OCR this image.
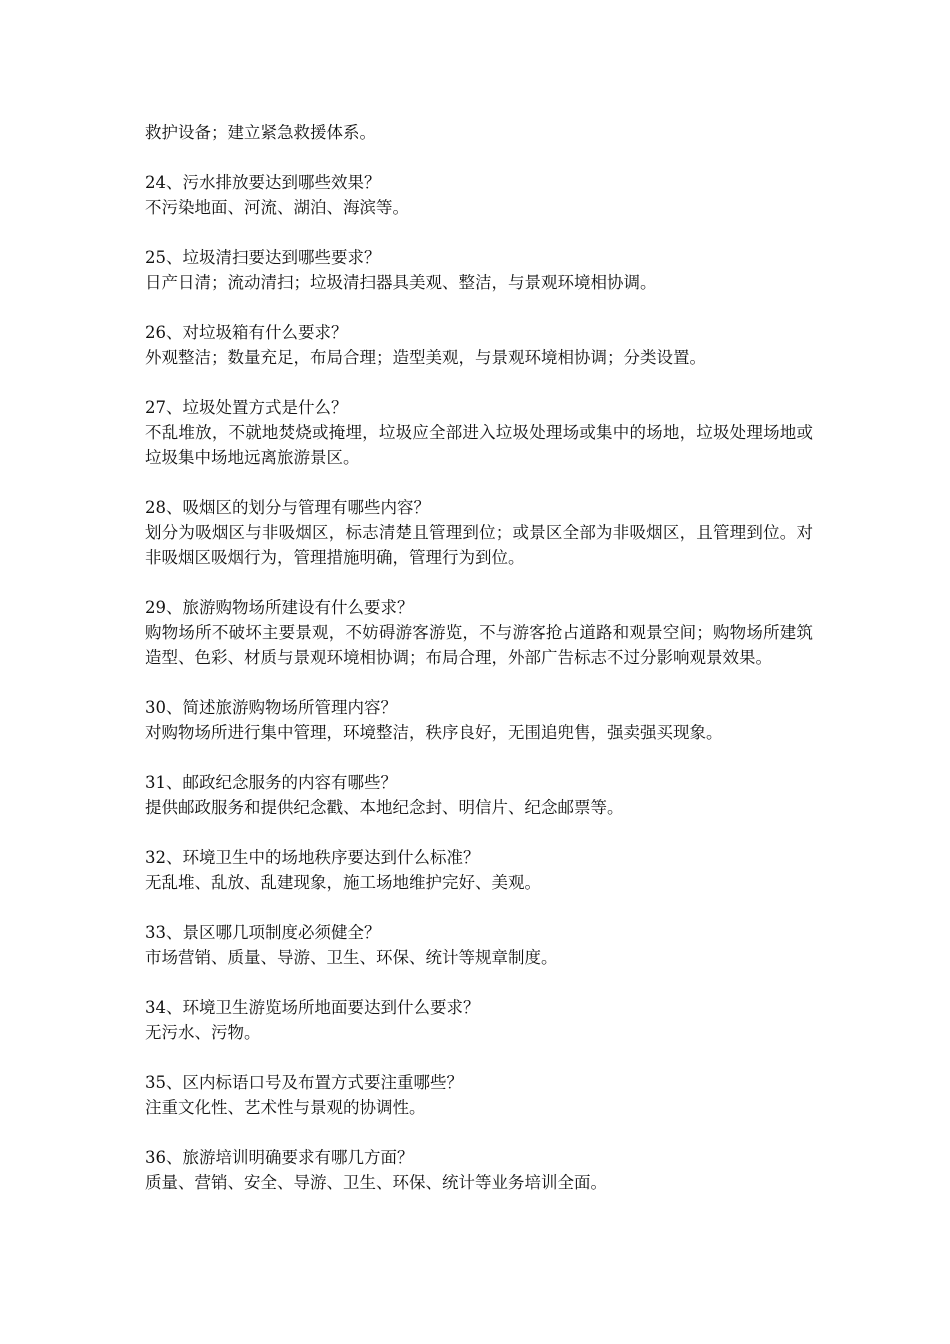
救护设备；建立紧急救援体系。

24、污水排放要达到哪些效果？

不污染地面、河流、湖泊、海滨等。

25、垃圾清扫要达到哪些要求？

日产日清；流动清扫；垃圾清扫器具美观、整洁，与景观环境相协调。

26、对垃圾箱有什么要求？

外观整洁；数量充足，布局合理；造型美观，与景观环境相协调；分类设置。

27、垃圾处置方式是什么？

不乱堆放，不就地焚烧或掩埋，垃圾应全部进入垃圾处理场或集中的场地，垃圾处理场地或垃圾集中场地远离旅游景区。

28、吸烟区的划分与管理有哪些内容？

划分为吸烟区与非吸烟区，标志清楚且管理到位；或景区全部为非吸烟区，且管理到位。对非吸烟区吸烟行为，管理措施明确，管理行为到位。

29、旅游购物场所建设有什么要求？

购物场所不破坏主要景观，不妨碍游客游览，不与游客抢占道路和观景空间；购物场所建筑造型、色彩、材质与景观环境相协调；布局合理，外部广告标志不过分影响观景效果。

30、简述旅游购物场所管理内容？

对购物场所进行集中管理，环境整洁，秩序良好，无围追兜售，强卖强买现象。

31、邮政纪念服务的内容有哪些？

提供邮政服务和提供纪念戳、本地纪念封、明信片、纪念邮票等。

32、环境卫生中的场地秩序要达到什么标准？

无乱堆、乱放、乱建现象，施工场地维护完好、美观。

33、景区哪几项制度必须健全？

市场营销、质量、导游、卫生、环保、统计等规章制度。

34、环境卫生游览场所地面要达到什么要求？

无污水、污物。

35、区内标语口号及布置方式要注重哪些？

注重文化性、艺术性与景观的协调性。

36、旅游培训明确要求有哪几方面？

质量、营销、安全、导游、卫生、环保、统计等业务培训全面。
